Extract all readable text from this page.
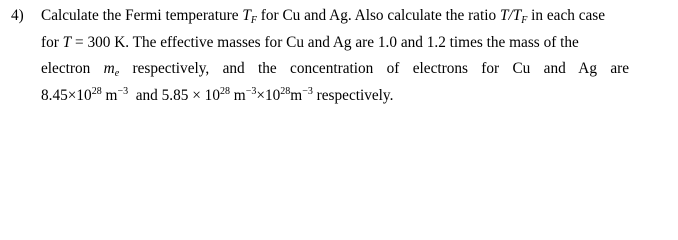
4) Calculate the Fermi temperature $T_F$ for Cu and Ag. Also calculate the ratio $T/T_F$ in each case
for T = 300 K. The effective masses for Cu and Ag are 1.0 and 1.2 times the mass of the
electron $m_e$ respectively, and the concentration of electrons for Cu and Ag are
$8.45\times 10^{28}$ $m^{-3}$  and $5.85 \times 10^{28}$ $m^{-3}\times 10^{28}m^{-3}$ respectively.
